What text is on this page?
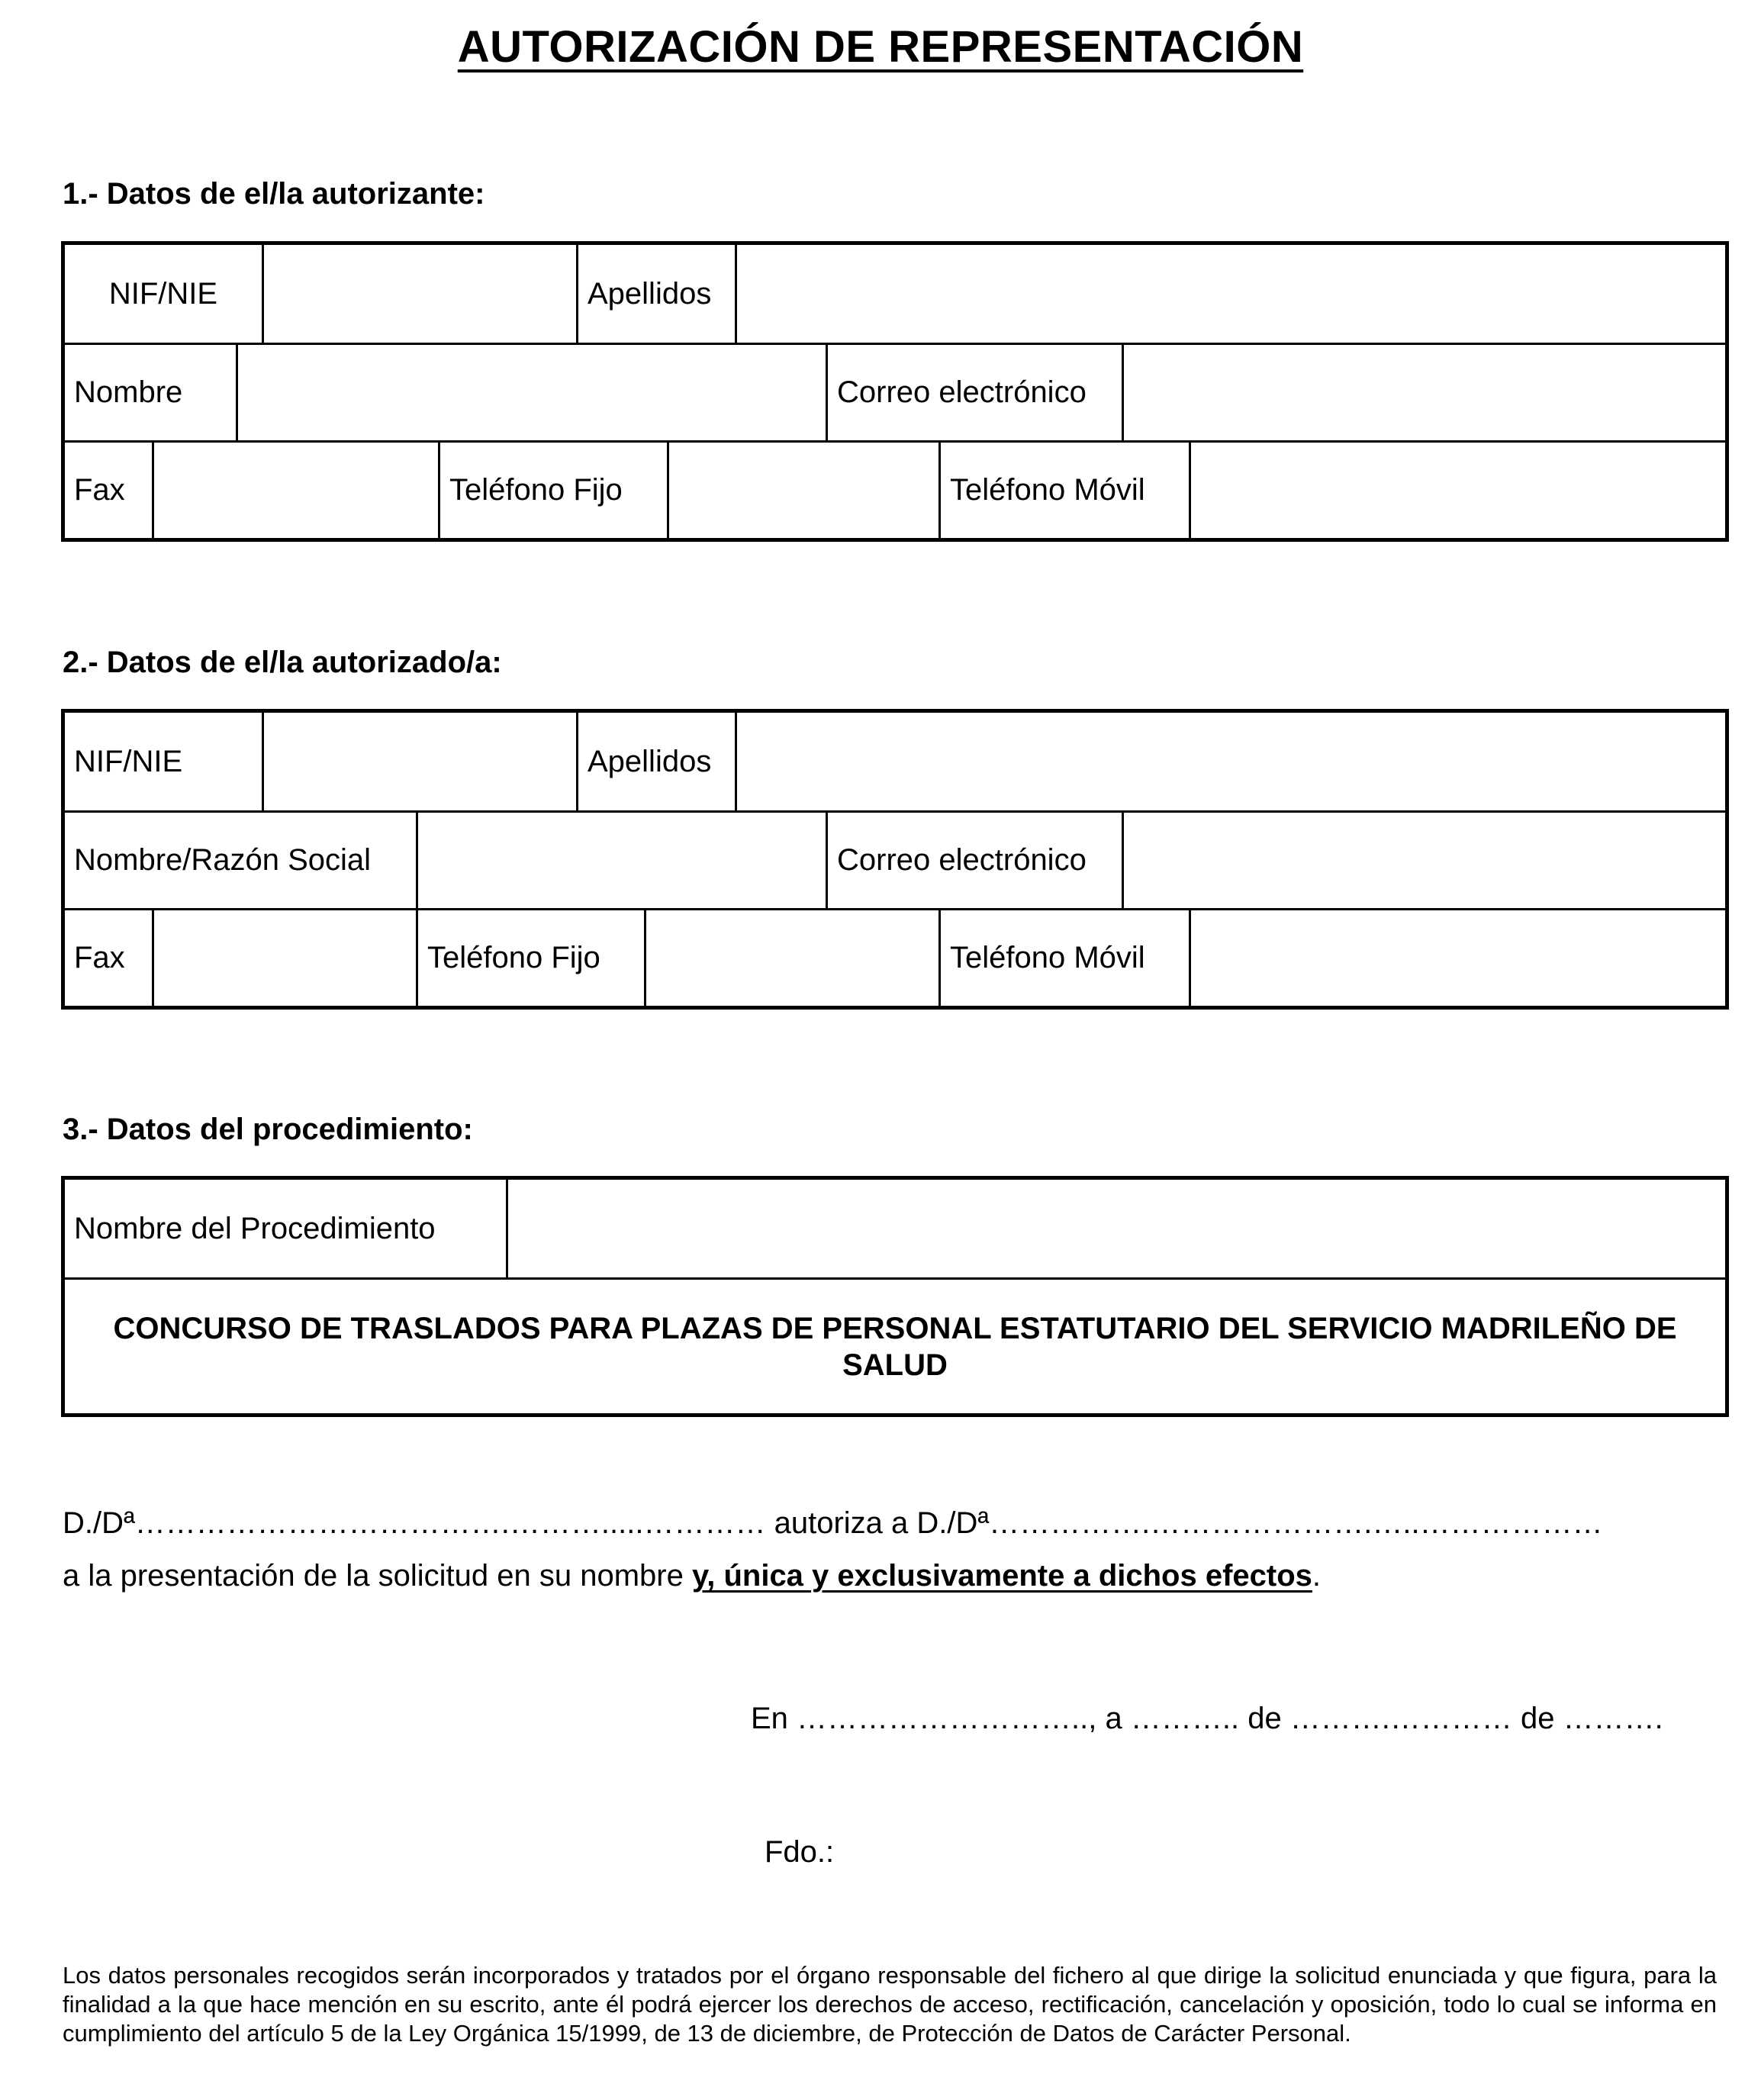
AUTORIZACIÓN DE REPRESENTACIÓN
1.- Datos de el/la autorizante:
NIF/NIE	Apellidos
Nombre	Correo electrónico
Fax	Teléfono Fijo	Teléfono Móvil
2.- Datos de el/la autorizado/a:
NIF/NIE	Apellidos
Nombre/Razón Social	Correo electrónico
Fax	Teléfono Fijo	Teléfono Móvil
3.- Datos del procedimiento:
Nombre del Procedimiento
CONCURSO DE TRASLADOS PARA PLAZAS DE PERSONAL ESTATUTARIO DEL SERVICIO MADRILEÑO DE SALUD
D./Dª……………………………….……….....………… autoriza a D./Dª…………….………………….…..………………
a la presentación de la solicitud en su nombre y, única y exclusivamente a dichos efectos.
En ……………………….., a ……….. de ……….………… de ……….
Fdo.:
Los datos personales recogidos serán incorporados y tratados por el órgano responsable del fichero al que dirige la solicitud enunciada y que figura, para la finalidad a la que hace mención en su escrito, ante él podrá ejercer los derechos de acceso, rectificación, cancelación y oposición, todo lo cual se informa en cumplimiento del artículo 5 de la Ley Orgánica 15/1999, de 13 de diciembre, de Protección de Datos de Carácter Personal.
